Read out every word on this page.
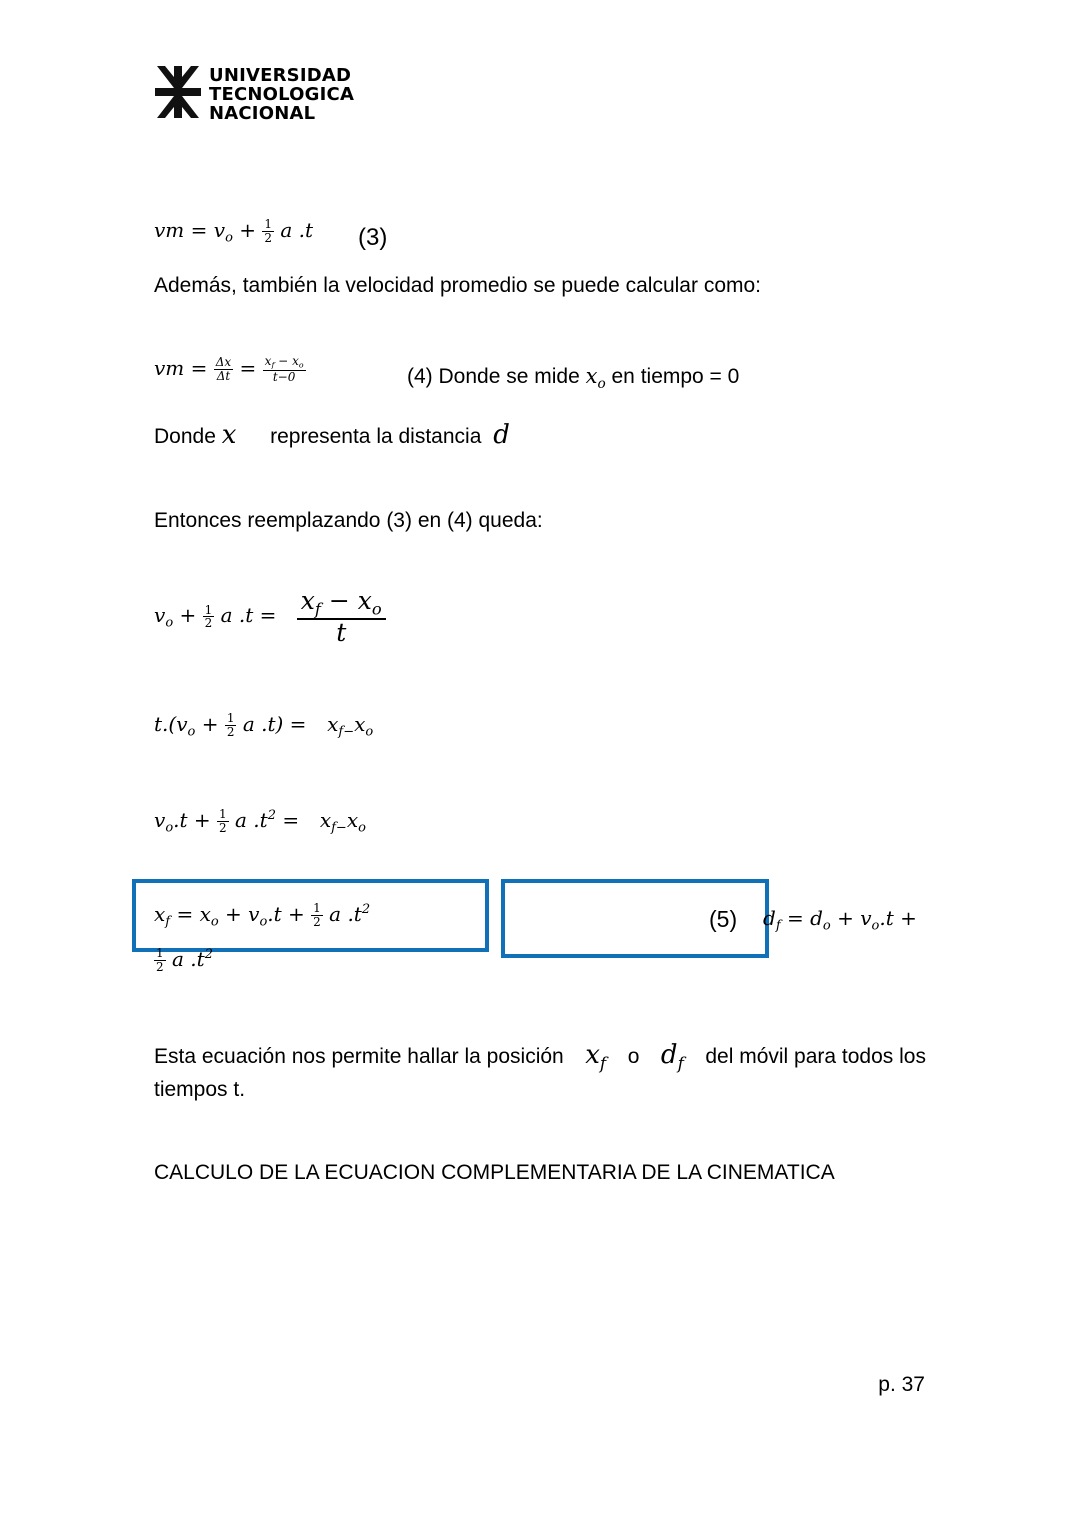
UNIVERSIDAD
TECNOLOGICA
NACIONAL
vm = $v_o + \frac{1}{2}$ a .t (3)
Además, también la velocidad promedio se puede calcular como:
vm = $\frac{\Delta x}{\Delta t} = \frac{x_f - x_o}{t-0}$	(4) Donde se mide $x_o$ en tiempo = 0
Donde x representa la distancia d
Entonces reemplazando (3) en (4) queda:
$v_o + \frac{1}{2}$ a $.t = \frac{x_f - x_o}{t}$
$t.(v_o + \frac{1}{2}$ a $.t) = x_{f-}x_o$
$v_o.t + \frac{1}{2}$ a $.t^2 = x_{f-}x_o$
$x_f = x_o + v_o.t + \frac{1}{2}$ a $.t^2$	(5) $d_f = d_o + v_o.t$ +
$\frac{1}{2}$ a $.t^2$
Esta ecuación nos permite hallar la posición $x_f$ o $d_f$ del móvil para todos los
tiempos t.
CALCULO DE LA ECUACION COMPLEMENTARIA DE LA CINEMATICA
p. 37
